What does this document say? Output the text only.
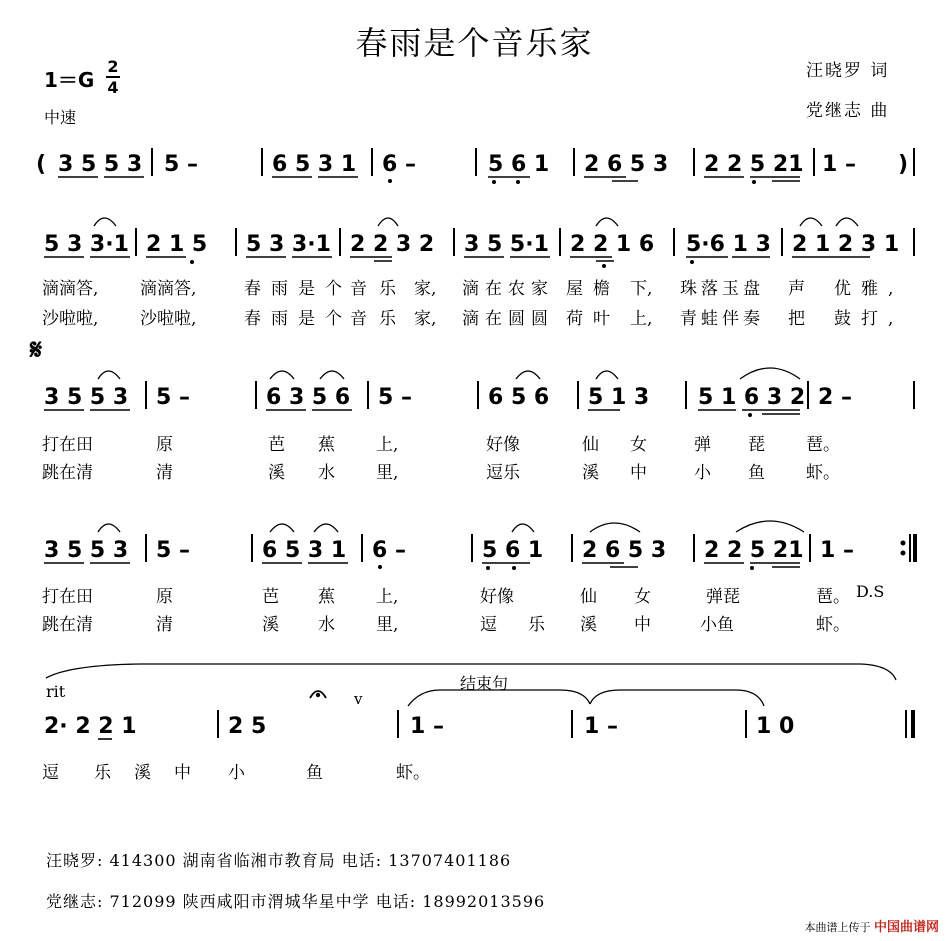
春雨是个音乐家
汪晓罗 词
党继志 曲
1＝G
2
4
中速
( 3 5 5 3 5 –	6 5 3 1 6 –	5 6 1 2 6 5 3 2 2 5 21 1 – )
5 3 3·1 2 1 5 5 3 3·1 2 2 3 2 3 5 5·1 2 2 1 6 5·6 1 3 2 1 2 3 1
3 5 5 3 5 –	6 3 5 6 5 –	6 5 6 5 1 3 5 1 6 3 2 2 –
3 5 5 3 5 –	6 5 3 1 6 –	5 6 1 2 6 5 3 2 2 5 21 1 –
2· 2 2 1	2 5	1 –	1 –	1 0
𝄋
rit	结束句
v
D.S
滴滴答, 滴滴答,	春雨是个
音乐 家, 滴在农家 屋檐 下, 珠落玉盘 声 优雅,
沙啦啦, 沙啦啦,	春雨是个
音乐 家, 滴在圆圆 荷叶 上, 青蛙伴奏 把 鼓打,
打在田	原	芭 蕉 上,	好像	仙 女	弹 琵 琶。
跳在清	清	溪 水 里,	逗乐	溪 中	小 鱼 虾。
打在田	原	芭 蕉 上,	好像	仙 女	弹琵	琶。
跳在清	清	溪 水 里,	逗 乐 溪 中	小鱼	虾。
逗 乐 溪 中 小	鱼	虾。
汪晓罗: 414300 湖南省临湘市教育局 电话: 13707401186
党继志: 712099 陕西咸阳市渭城华星中学 电话: 18992013596
本曲谱上传于 中国曲谱网
